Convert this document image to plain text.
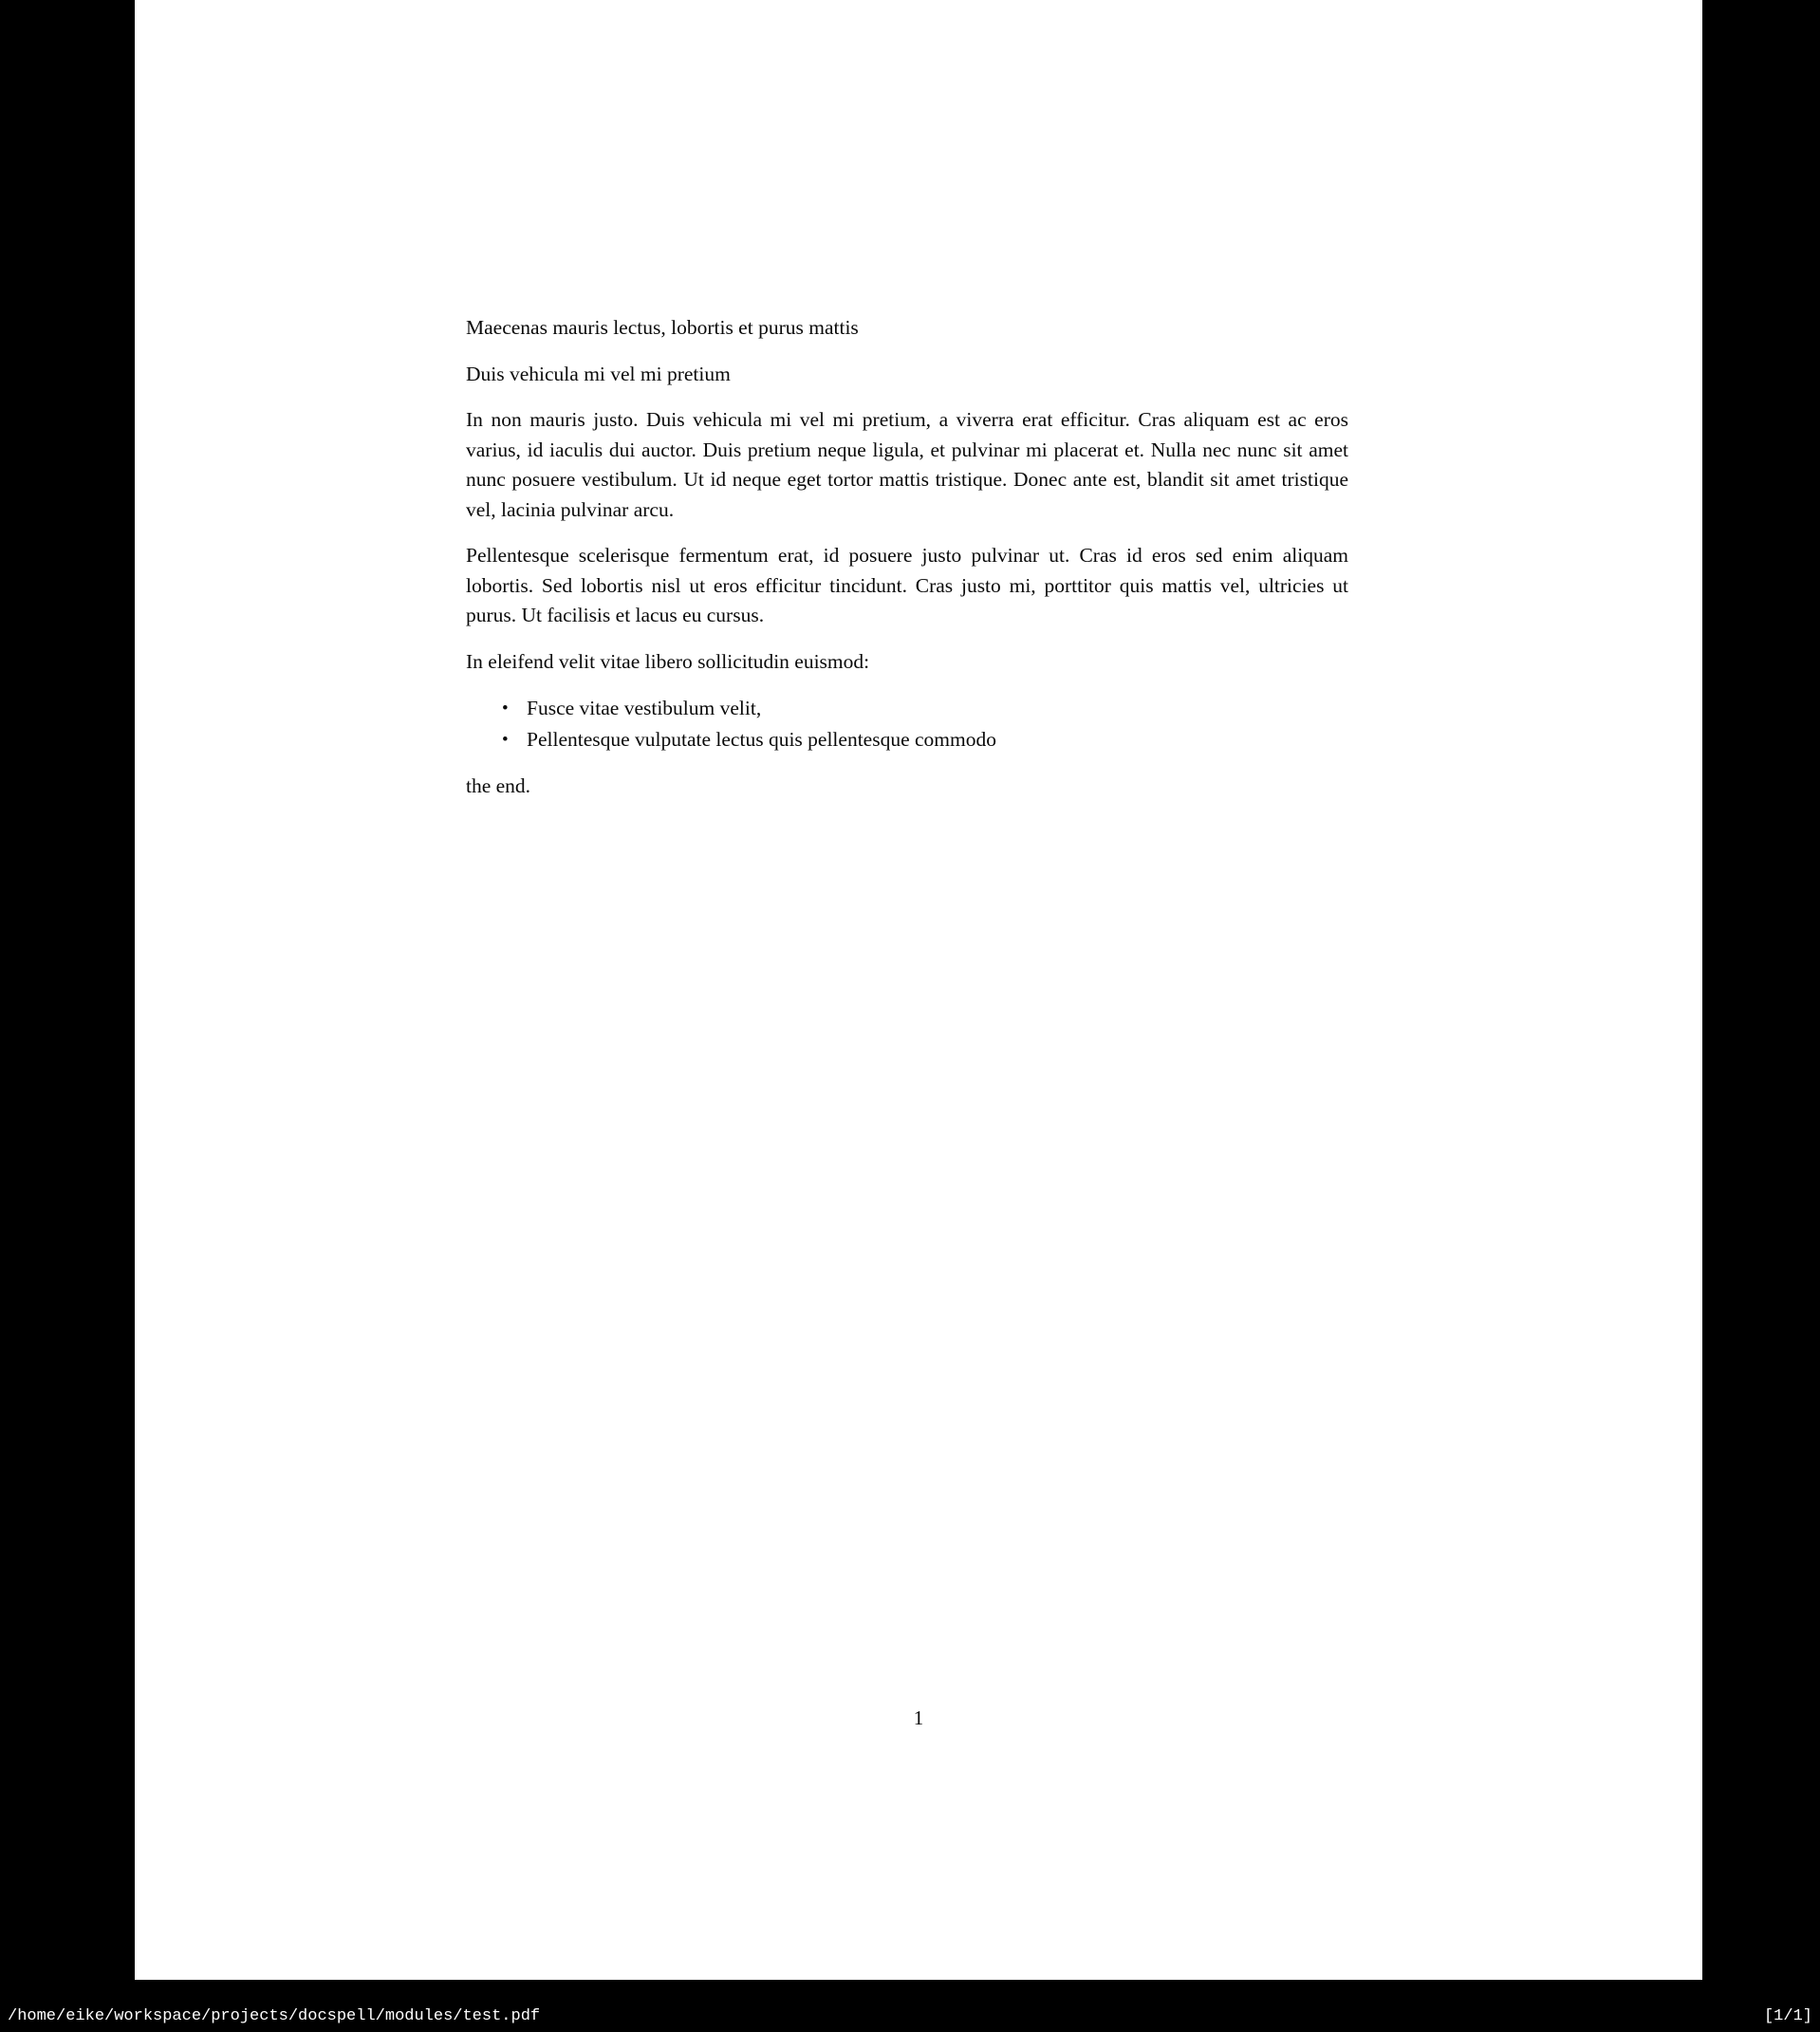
Maecenas mauris lectus, lobortis et purus mattis

Duis vehicula mi vel mi pretium

In non mauris justo. Duis vehicula mi vel mi pretium, a viverra erat efficitur. Cras aliquam est ac eros varius, id iaculis dui auctor. Duis pretium neque ligula, et pulvinar mi placerat et. Nulla nec nunc sit amet nunc posuere vestibulum. Ut id neque eget tortor mattis tristique. Donec ante est, blandit sit amet tristique vel, lacinia pulvinar arcu.

Pellentesque scelerisque fermentum erat, id posuere justo pulvinar ut. Cras id eros sed enim aliquam lobortis. Sed lobortis nisl ut eros efficitur tincidunt. Cras justo mi, porttitor quis mattis vel, ultricies ut purus. Ut facilisis et lacus eu cursus.

In eleifend velit vitae libero sollicitudin euismod:

• Fusce vitae vestibulum velit,
• Pellentesque vulputate lectus quis pellentesque commodo

the end.

1
/home/eike/workspace/projects/docspell/modules/test.pdf	[1/1]
